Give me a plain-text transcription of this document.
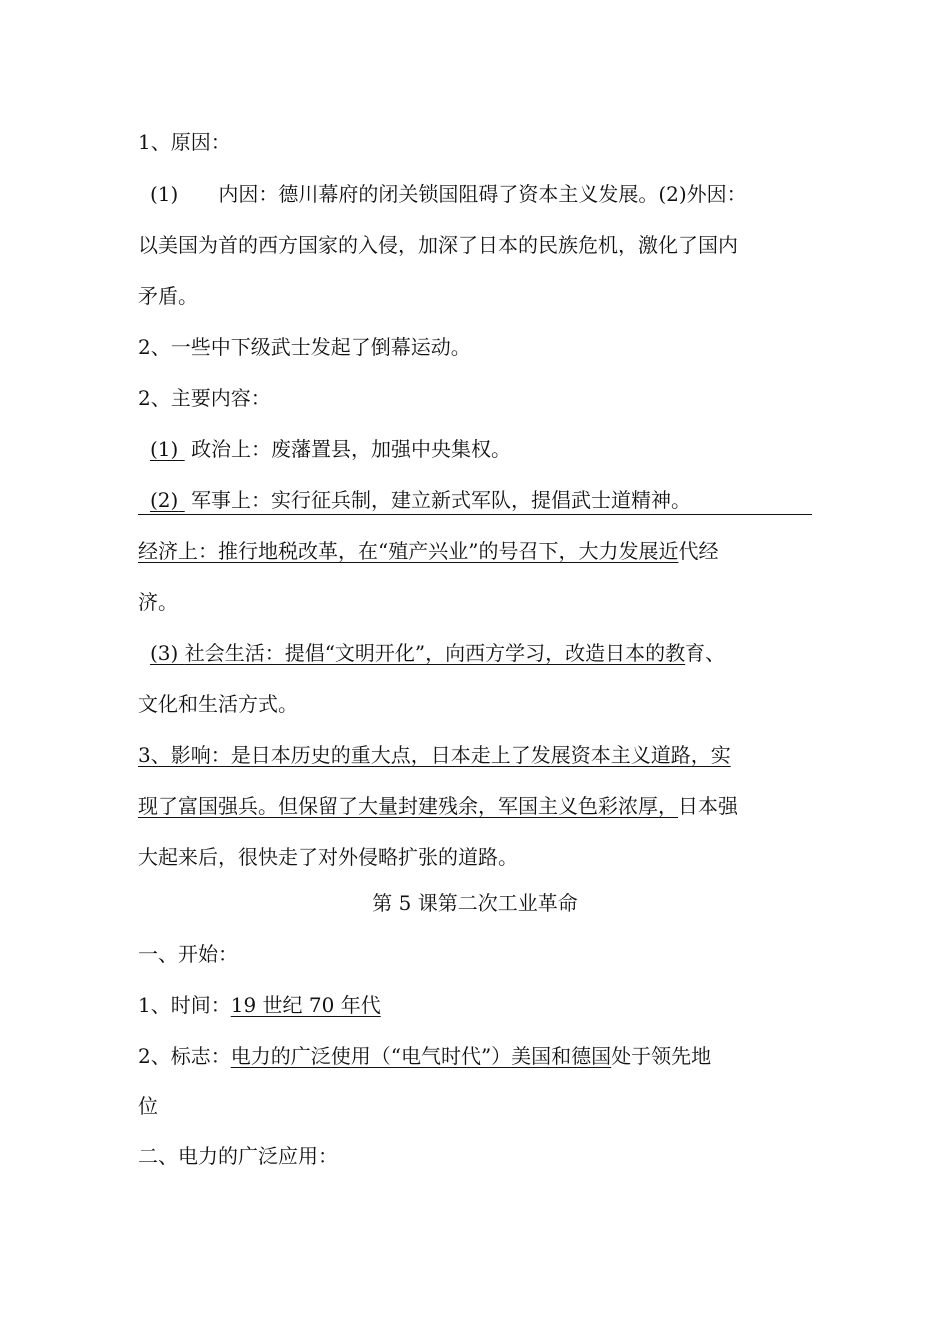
1、原因：
(1) 内因：德川幕府的闭关锁国阻碍了资本主义发展。(2)外因：
以美国为首的西方国家的入侵，加深了日本的民族危机，激化了国内
矛盾。
2、一些中下级武士发起了倒幕运动。
2、主要内容：
(1) 政治上：废藩置县，加强中央集权。
(2) 军事上：实行征兵制，建立新式军队，提倡武士道精神。
经济上：推行地税改革，在“殖产兴业”的号召下，大力发展近代经
济。
(3) 社会生活：提倡“文明开化”，向西方学习，改造日本的教育、
文化和生活方式。
3、影响：是日本历史的重大点，日本走上了发展资本主义道路，实
现了富国强兵。但保留了大量封建残余，军国主义色彩浓厚，日本强
大起来后，很快走了对外侵略扩张的道路。
第 5 课第二次工业革命
一、开始：
1、时间：19 世纪 70 年代
2、标志：电力的广泛使用（“电气时代”）美国和德国处于领先地
位
二、电力的广泛应用：
